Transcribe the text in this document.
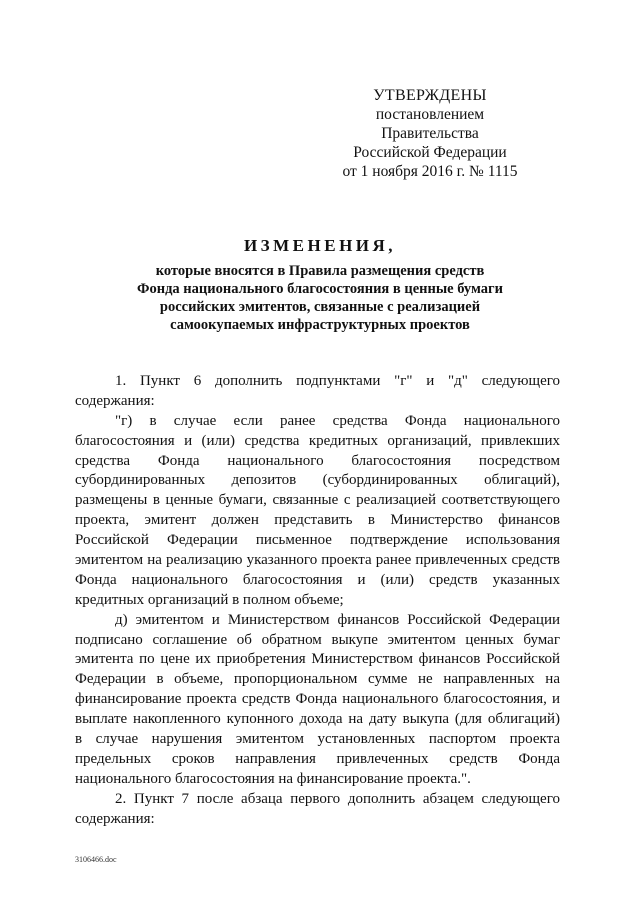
УТВЕРЖДЕНЫ
постановлением Правительства
Российской Федерации
от 1 ноября 2016 г. № 1115
ИЗМЕНЕНИЯ,
которые вносятся в Правила размещения средств
Фонда национального благосостояния в ценные бумаги
российских эмитентов, связанные с реализацией
самоокупаемых инфраструктурных проектов
1. Пункт 6 дополнить подпунктами "г" и "д" следующего
содержания:
"г) в случае если ранее средства Фонда национального
благосостояния и (или) средства кредитных организаций, привлекших
средства Фонда национального благосостояния посредством
субординированных депозитов (субординированных облигаций),
размещены в ценные бумаги, связанные с реализацией соответствующего
проекта, эмитент должен представить в Министерство финансов
Российской Федерации письменное подтверждение использования
эмитентом на реализацию указанного проекта ранее привлеченных средств
Фонда национального благосостояния и (или) средств указанных
кредитных организаций в полном объеме;
д) эмитентом и Министерством финансов Российской Федерации
подписано соглашение об обратном выкупе эмитентом ценных бумаг
эмитента по цене их приобретения Министерством финансов Российской
Федерации в объеме, пропорциональном сумме не направленных на
финансирование проекта средств Фонда национального благосостояния, и
выплате накопленного купонного дохода на дату выкупа (для облигаций)
в случае нарушения эмитентом установленных паспортом проекта
предельных сроков направления привлеченных средств Фонда
национального благосостояния на финансирование проекта.".
2. Пункт 7 после абзаца первого дополнить абзацем следующего
содержания:
3106466.doc
